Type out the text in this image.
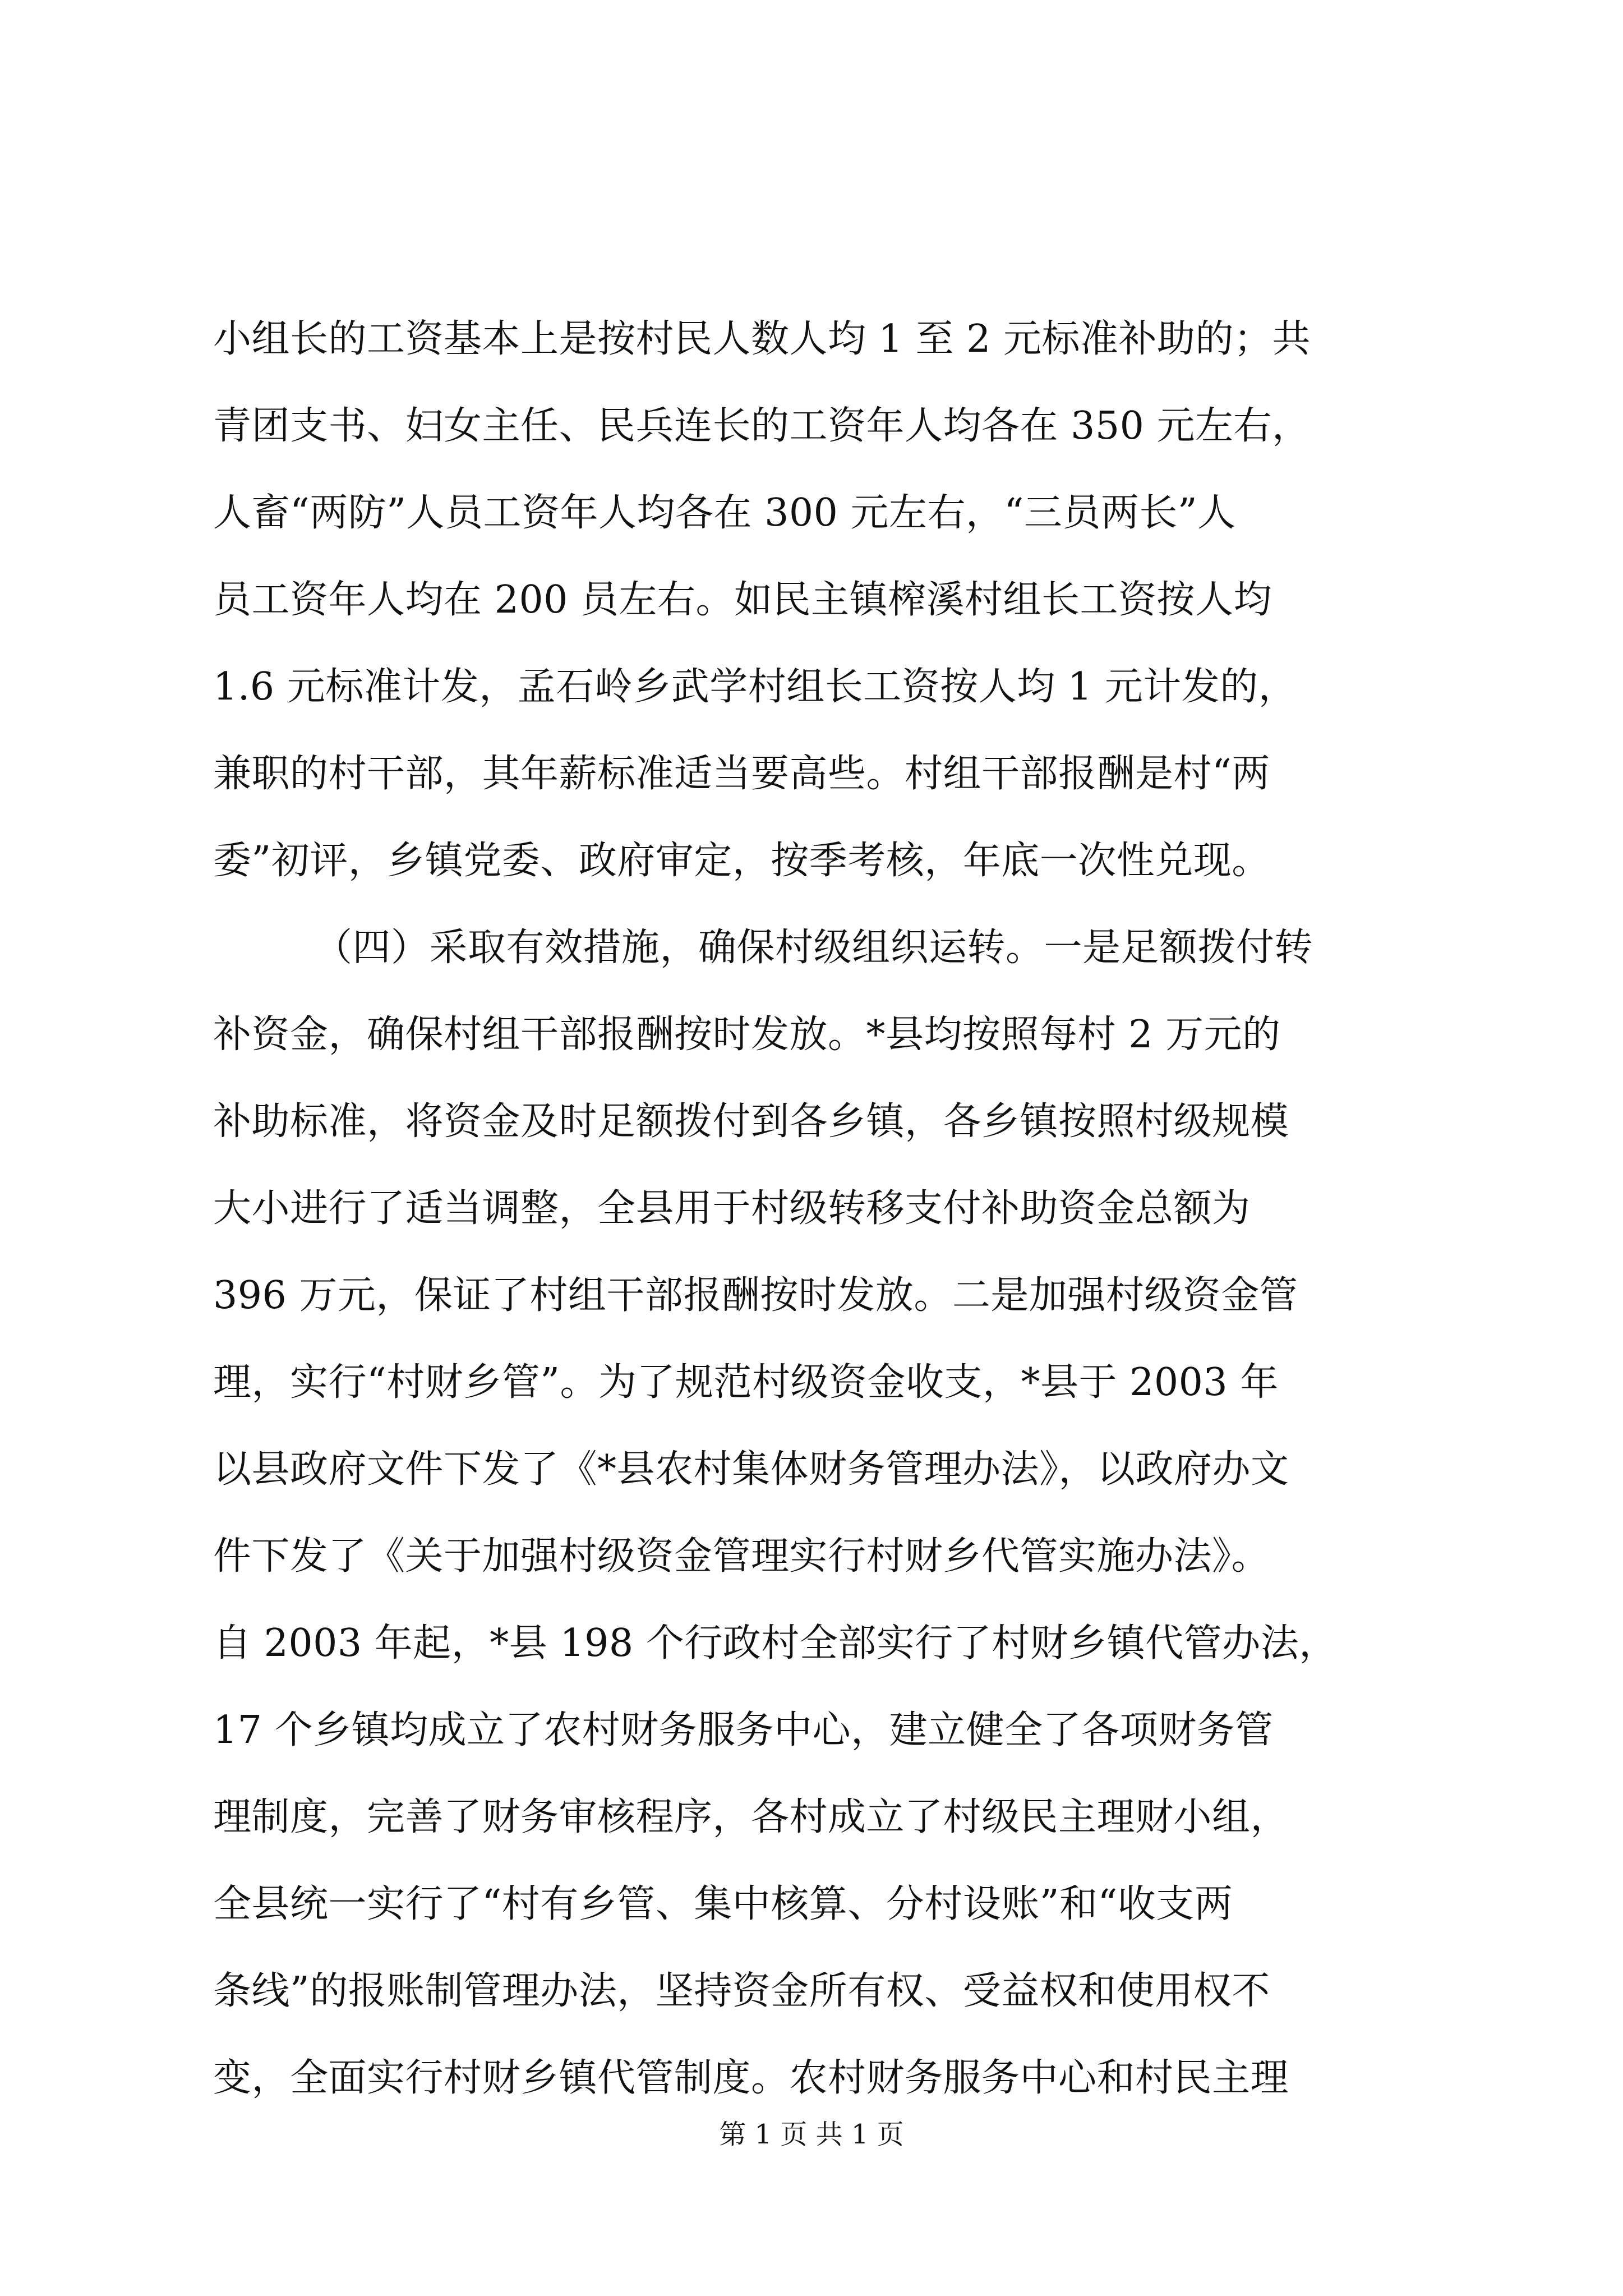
小组长的工资基本上是按村民人数人均 1 至 2 元标准补助的；共
青团支书、妇女主任、民兵连长的工资年人均各在 350 元左右，
人畜“两防”人员工资年人均各在 300 元左右，“三员两长”人
员工资年人均在 200 员左右。如民主镇榨溪村组长工资按人均
1.6 元标准计发，孟石岭乡武学村组长工资按人均 1 元计发的，
兼职的村干部，其年薪标准适当要高些。村组干部报酬是村“两
委”初评，乡镇党委、政府审定，按季考核，年底一次性兑现。
（四）采取有效措施，确保村级组织运转。一是足额拨付转
补资金，确保村组干部报酬按时发放。*县均按照每村 2 万元的
补助标准，将资金及时足额拨付到各乡镇，各乡镇按照村级规模
大小进行了适当调整，全县用于村级转移支付补助资金总额为
396 万元，保证了村组干部报酬按时发放。二是加强村级资金管
理，实行“村财乡管”。为了规范村级资金收支，*县于 2003 年
以县政府文件下发了《*县农村集体财务管理办法》，以政府办文
件下发了《关于加强村级资金管理实行村财乡代管实施办法》。
自 2003 年起，*县 198 个行政村全部实行了村财乡镇代管办法，
17 个乡镇均成立了农村财务服务中心，建立健全了各项财务管
理制度，完善了财务审核程序，各村成立了村级民主理财小组，
全县统一实行了“村有乡管、集中核算、分村设账”和“收支两
条线”的报账制管理办法，坚持资金所有权、受益权和使用权不
变，全面实行村财乡镇代管制度。农村财务服务中心和村民主理
第 1 页 共 1 页
